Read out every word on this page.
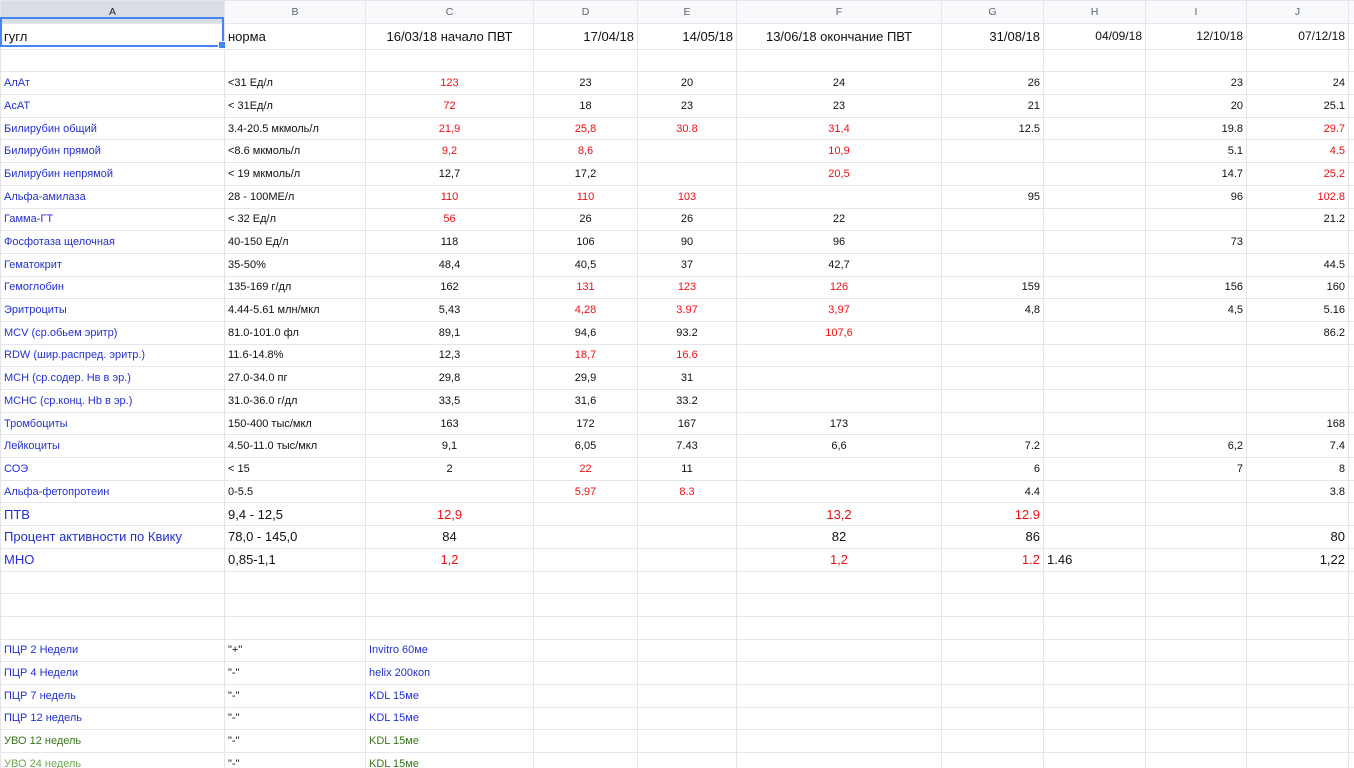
A	B	C	D	E	F	G	H	I	J	
гугл	норма	16/03/18 начало ПВТ	17/04/18	14/05/18	13/06/18 окончание ПВТ	31/08/18	04/09/18	12/10/18	07/12/18	

АлАт	<31 Ед/л	123	23	20	24	26		23	24	
АсАТ	< 31Ед/л	72	18	23	23	21		20	25.1	
Билирубин общий	3.4-20.5 мкмоль/л	21,9	25,8	30.8	31,4	12.5		19.8	29.7	
Билирубин прямой	<8.6 мкмоль/л	9,2	8,6		10,9			5.1	4.5	
Билирубин непрямой	< 19 мкмоль/л	12,7	17,2		20,5			14.7	25.2	
Альфа-амилаза	28 - 100МЕ/л	110	110	103		95		96	102.8	
Гамма-ГТ	< 32 Ед/л	56	26	26	22				21.2	
Фосфотаза щелочная	40-150 Ед/л	118	106	90	96			73		
Гематокрит	35-50%	48,4	40,5	37	42,7				44.5	
Гемоглобин	135-169 г/дл	162	131	123	126	159		156	160	
Эритроциты	4.44-5.61 млн/мкл	5,43	4,28	3.97	3,97	4,8		4,5	5.16	
MCV (ср.обьем эритр)	81.0-101.0 фл	89,1	94,6	93.2	107,6				86.2	
RDW (шир.распред. эритр.)	11.6-14.8%	12,3	18,7	16.6						
MCH (ср.содер. Нв в эр.)	27.0-34.0 пг	29,8	29,9	31						
MCHC (ср.конц. Hb в эр.)	31.0-36.0 г/дл	33,5	31,6	33.2						
Тромбоциты	150-400 тыс/мкл	163	172	167	173				168	
Лейкоциты	4.50-11.0 тыс/мкл	9,1	6,05	7.43	6,6	7.2		6,2	7.4	
СОЭ	< 15	2	22	11		6		7	8	
Альфа-фетопротеин	0-5.5		5.97	8.3		4.4			3.8	
ПТВ	9,4 - 12,5	12,9			13,2	12.9				
Процент активности по Квику	78,0 - 145,0	84			82	86			80	
МНО	0,85-1,1	1,2			1,2	1.2	1.46		1,22	

ПЦР 2 Недели	"+"	Invitro 60ме								
ПЦР 4 Недели	"-"	helix 200коп								
ПЦР 7 недель	"-"	KDL 15ме								
ПЦР 12 недель	"-"	KDL 15ме								
УВО 12 недель	"-"	KDL 15ме								
УВО 24 недель	"-"	KDL 15ме								
